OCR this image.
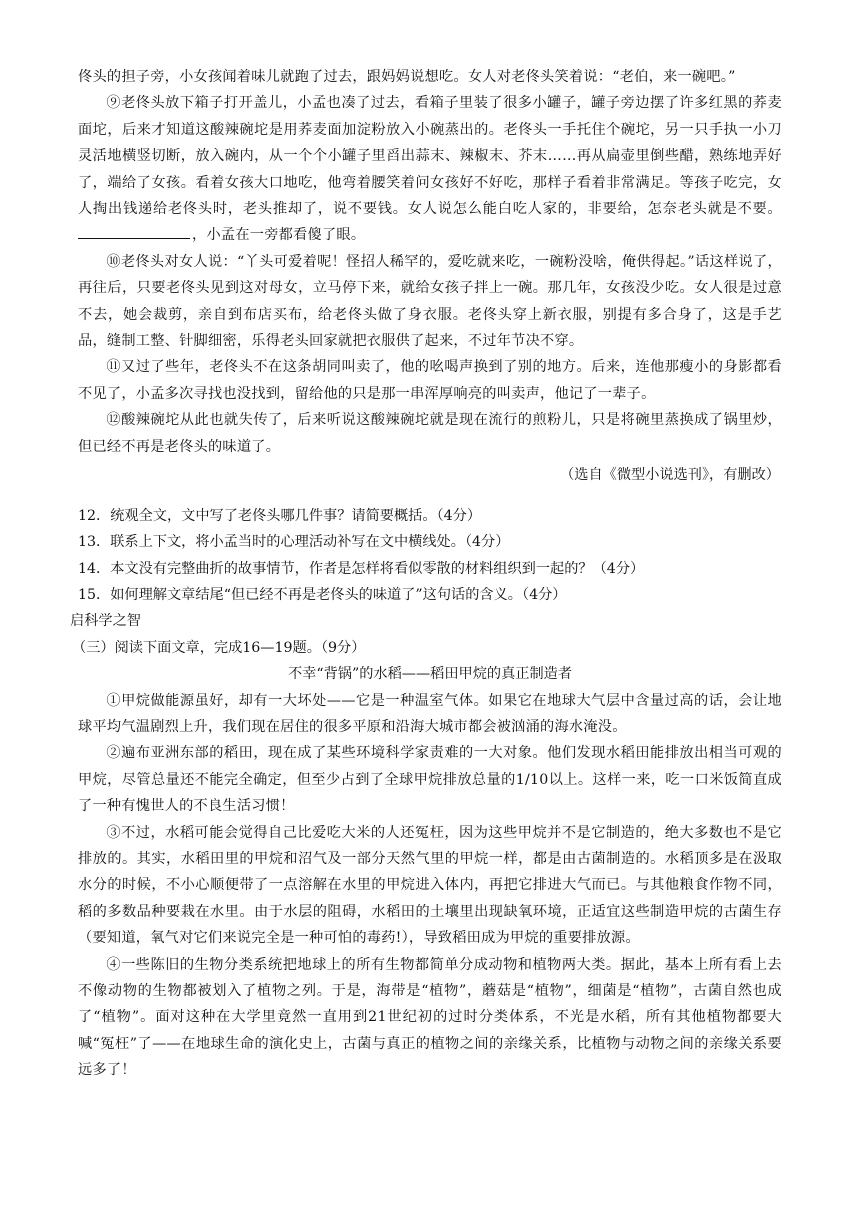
佟头的担子旁，小女孩闻着味儿就跑了过去，跟妈妈说想吃。女人对老佟头笑着说：“老伯，来一碗吧。”

⑨老佟头放下箱子打开盖儿，小孟也凑了过去，看箱子里装了很多小罐子，罐子旁边摆了许多红黑的荞麦面坨，后来才知道这酸辣碗坨是用荞麦面加淀粉放入小碗蒸出的。老佟头一手托住个碗坨，另一只手执一小刀灵活地横竖切断，放入碗内，从一个个小罐子里舀出蒜末、辣椒末、芥末……再从扁壶里倒些醋，熟练地弄好了，端给了女孩。看着女孩大口地吃，他弯着腰笑着问女孩好不好吃，那样子看着非常满足。等孩子吃完，女人掏出钱递给老佟头时，老头推却了，说不要钱。女人说怎么能白吃人家的，非要给，怎奈老头就是不要。，小孟在一旁都看傻了眼。

⑩老佟头对女人说：“丫头可爱着呢！怪招人稀罕的，爱吃就来吃，一碗粉没啥，俺供得起。”话这样说了，再往后，只要老佟头见到这对母女，立马停下来，就给女孩子拌上一碗。那几年，女孩没少吃。女人很是过意不去，她会裁剪，亲自到布店买布，给老佟头做了身衣服。老佟头穿上新衣服，别提有多合身了，这是手艺品，缝制工整、针脚细密，乐得老头回家就把衣服供了起来，不过年节决不穿。

⑪又过了些年，老佟头不在这条胡同叫卖了，他的吆喝声换到了别的地方。后来，连他那瘦小的身影都看不见了，小孟多次寻找也没找到，留给他的只是那一串浑厚响亮的叫卖声，他记了一辈子。

⑫酸辣碗坨从此也就失传了，后来听说这酸辣碗坨就是现在流行的煎粉儿，只是将碗里蒸换成了锅里炒，但已经不再是老佟头的味道了。

（选自《微型小说选刊》，有删改）

12．统观全文，文中写了老佟头哪几件事？请简要概括。（4分）

13．联系上下文，将小孟当时的心理活动补写在文中横线处。（4分）

14．本文没有完整曲折的故事情节，作者是怎样将看似零散的材料组织到一起的？（4分）

15．如何理解文章结尾“但已经不再是老佟头的味道了”这句话的含义。（4分）

启科学之智

（三）阅读下面文章，完成16—19题。（9分）

不幸“背锅”的水稻——稻田甲烷的真正制造者

①甲烷做能源虽好，却有一大坏处——它是一种温室气体。如果它在地球大气层中含量过高的话，会让地球平均气温剧烈上升，我们现在居住的很多平原和沿海大城市都会被汹涌的海水淹没。

②遍布亚洲东部的稻田，现在成了某些环境科学家责难的一大对象。他们发现水稻田能排放出相当可观的甲烷，尽管总量还不能完全确定，但至少占到了全球甲烷排放总量的1/10以上。这样一来，吃一口米饭简直成了一种有愧世人的不良生活习惯！

③不过，水稻可能会觉得自己比爱吃大米的人还冤枉，因为这些甲烷并不是它制造的，绝大多数也不是它排放的。其实，水稻田里的甲烷和沼气及一部分天然气里的甲烷一样，都是由古菌制造的。水稻顶多是在汲取水分的时候，不小心顺便带了一点溶解在水里的甲烷进入体内，再把它排进大气而已。与其他粮食作物不同，稻的多数品种要栽在水里。由于水层的阻碍，水稻田的土壤里出现缺氧环境，正适宜这些制造甲烷的古菌生存（要知道，氧气对它们来说完全是一种可怕的毒药!），导致稻田成为甲烷的重要排放源。

④一些陈旧的生物分类系统把地球上的所有生物都简单分成动物和植物两大类。据此，基本上所有看上去不像动物的生物都被划入了植物之列。于是，海带是“植物”，蘑菇是“植物”，细菌是“植物”，古菌自然也成了“植物”。面对这种在大学里竟然一直用到21世纪初的过时分类体系，不光是水稻，所有其他植物都要大喊“冤枉”了——在地球生命的演化史上，古菌与真正的植物之间的亲缘关系，比植物与动物之间的亲缘关系要远多了！
